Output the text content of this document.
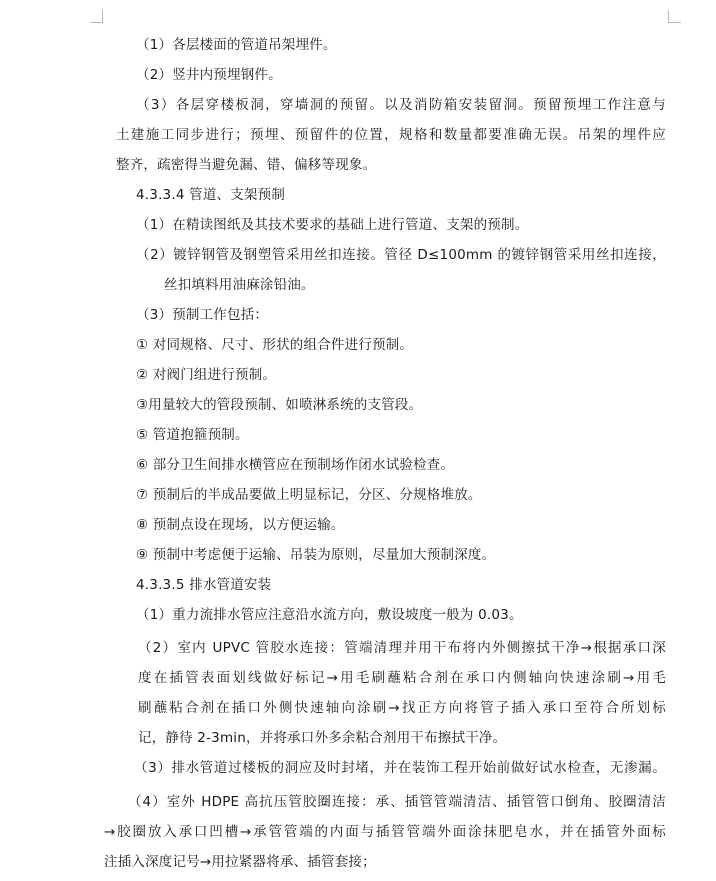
（1）各层楼面的管道吊架埋件。
（2）竖井内预埋钢件。
（3）各层穿楼板洞，穿墙洞的预留。以及消防箱安装留洞。预留预埋工作注意与
土建施工同步进行；预埋、预留件的位置，规格和数量都要准确无误。吊架的埋件应
整齐，疏密得当避免漏、错、偏移等现象。
4.3.3.4 管道、支架预制
（1）在精读图纸及其技术要求的基础上进行管道、支架的预制。
（2）镀锌钢管及钢塑管采用丝扣连接。管径 D≤100mm 的镀锌钢管采用丝扣连接，
丝扣填料用油麻涂铅油。
（3）预制工作包括：
① 对同规格、尺寸、形状的组合件进行预制。
② 对阀门组进行预制。
③用量较大的管段预制、如喷淋系统的支管段。
⑤ 管道抱箍预制。
⑥ 部分卫生间排水横管应在预制场作闭水试验检查。
⑦ 预制后的半成品要做上明显标记，分区、分规格堆放。
⑧ 预制点设在现场，以方便运输。
⑨ 预制中考虑便于运输、吊装为原则，尽量加大预制深度。
4.3.3.5 排水管道安装
（1）重力流排水管应注意沿水流方向，敷设坡度一般为 0.03。
（2）室内 UPVC 管胶水连接：管端清理并用干布将内外侧擦拭干净→根据承口深
度在插管表面划线做好标记→用毛刷蘸粘合剂在承口内侧轴向快速涂刷→用毛
刷蘸粘合剂在插口外侧快速轴向涂刷→找正方向将管子插入承口至符合所划标
记，静待 2-3min，并将承口外多余粘合剂用干布擦拭干净。
（3）排水管道过楼板的洞应及时封堵，并在装饰工程开始前做好试水检查，无渗漏。
（4）室外 HDPE 高抗压管胶圈连接：承、插管管端清洁、插管管口倒角、胶圈清洁
→胶圈放入承口凹槽→承管管端的内面与插管管端外面涂抹肥皂水，并在插管外面标
注插入深度记号→用拉紧器将承、插管套接；
